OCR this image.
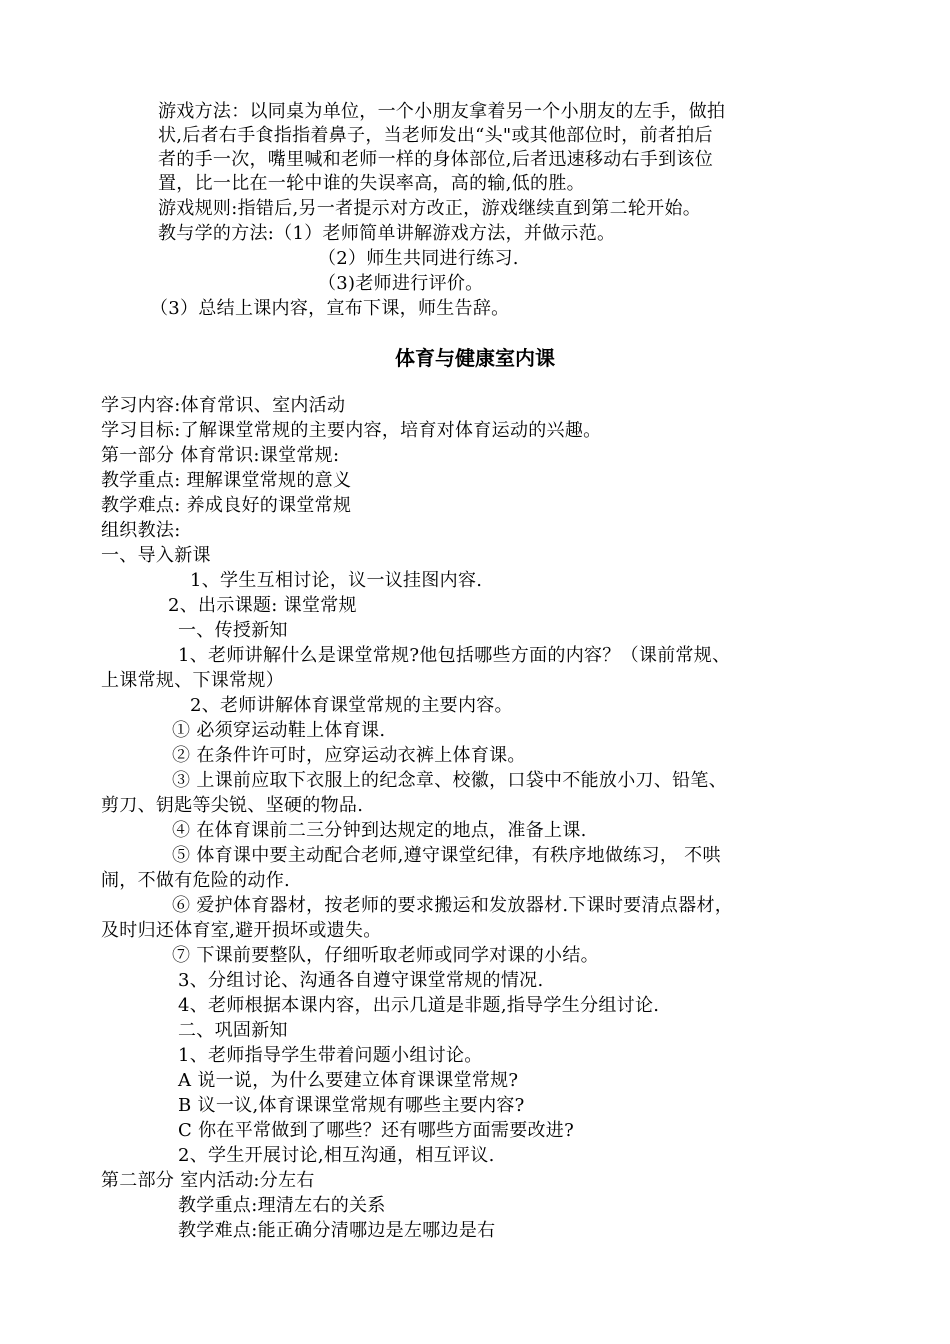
游戏方法：以同桌为单位，一个小朋友拿着另一个小朋友的左手，做拍
状,后者右手食指指着鼻子，当老师发出“头"或其他部位时，前者拍后
者的手一次，嘴里喊和老师一样的身体部位,后者迅速移动右手到该位
置，比一比在一轮中谁的失误率高，高的输,低的胜。
游戏规则:指错后,另一者提示对方改正，游戏继续直到第二轮开始。
教与学的方法:（1）老师简单讲解游戏方法，并做示范。
（2）师生共同进行练习.
（3)老师进行评价。
（3）总结上课内容，宣布下课，师生告辞。
体育与健康室内课
学习内容:体育常识、室内活动
学习目标:了解课堂常规的主要内容，培育对体育运动的兴趣。
第一部分 体育常识:课堂常规:
教学重点: 理解课堂常规的意义
教学难点: 养成良好的课堂常规
组织教法:
一、导入新课
1、学生互相讨论，议一议挂图内容.
2、出示课题: 课堂常规
一、传授新知
1、老师讲解什么是课堂常规?他包括哪些方面的内容？（课前常规、
上课常规、下课常规）
2、老师讲解体育课堂常规的主要内容。
① 必须穿运动鞋上体育课.
② 在条件许可时，应穿运动衣裤上体育课。
③ 上课前应取下衣服上的纪念章、校徽，口袋中不能放小刀、铅笔、
剪刀、钥匙等尖锐、坚硬的物品.
④ 在体育课前二三分钟到达规定的地点，准备上课.
⑤ 体育课中要主动配合老师,遵守课堂纪律，有秩序地做练习， 不哄
闹，不做有危险的动作.
⑥ 爱护体育器材，按老师的要求搬运和发放器材.下课时要清点器材，
及时归还体育室,避开损坏或遗失。
⑦ 下课前要整队，仔细听取老师或同学对课的小结。
3、分组讨论、沟通各自遵守课堂常规的情况.
4、老师根据本课内容，出示几道是非题,指导学生分组讨论.
二、巩固新知
1、老师指导学生带着问题小组讨论。
A 说一说，为什么要建立体育课课堂常规?
B 议一议,体育课课堂常规有哪些主要内容?
C 你在平常做到了哪些？还有哪些方面需要改进?
2、学生开展讨论,相互沟通，相互评议.
第二部分 室内活动:分左右
教学重点:理清左右的关系
教学难点:能正确分清哪边是左哪边是右
